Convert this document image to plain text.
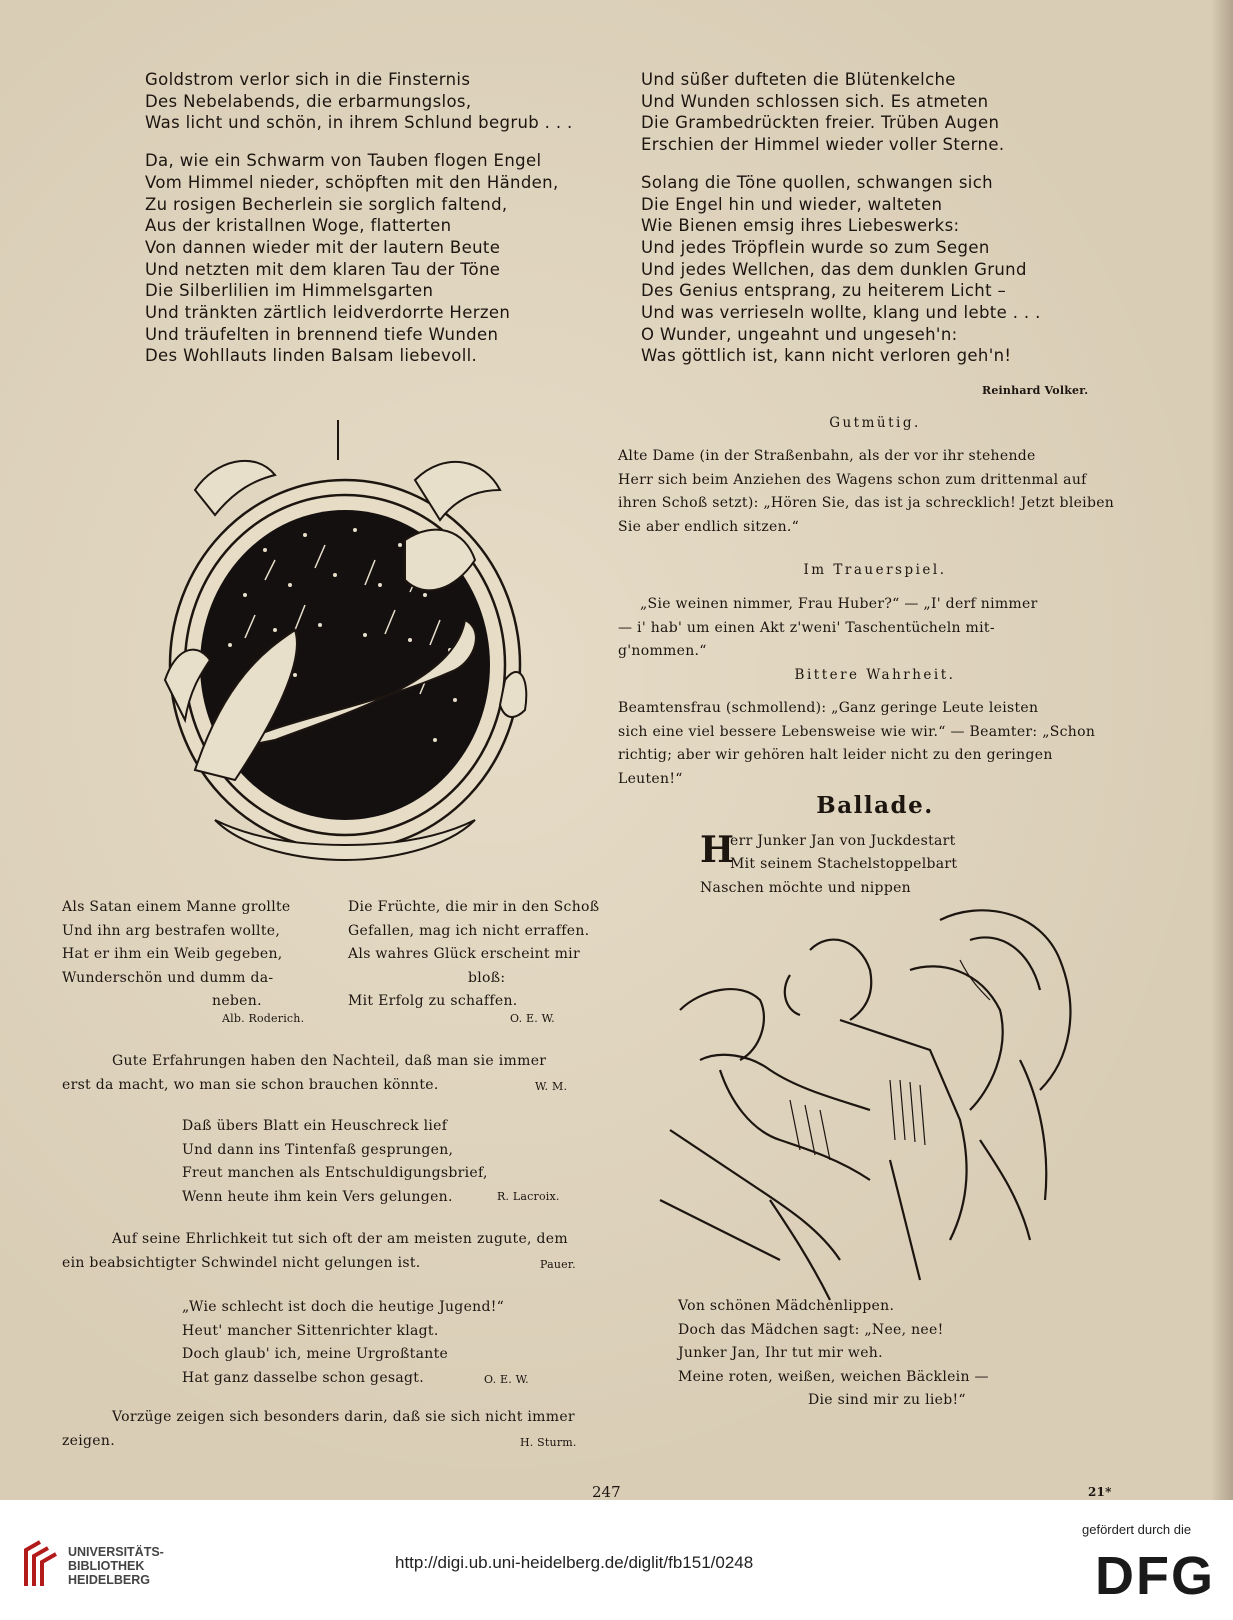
Goldstrom verlor sich in die Finsternis
Des Nebelabends, die erbarmungslos,
Was licht und schön, in ihrem Schlund begrub . . .
Da, wie ein Schwarm von Tauben flogen Engel
Vom Himmel nieder, schöpften mit den Händen,
Zu rosigen Becherlein sie sorglich faltend,
Aus der kristallnen Woge, flatterten
Von dannen wieder mit der lautern Beute
Und netzten mit dem klaren Tau der Töne
Die Silberlilien im Himmelsgarten
Und tränkten zärtlich leidverdorrte Herzen
Und träufelten in brennend tiefe Wunden
Des Wohllauts linden Balsam liebevoll.
Und süßer dufteten die Blütenkelche
Und Wunden schlossen sich. Es atmeten
Die Grambedrückten freier. Trüben Augen
Erschien der Himmel wieder voller Sterne.
Solang die Töne quollen, schwangen sich
Die Engel hin und wieder, walteten
Wie Bienen emsig ihres Liebeswerks:
Und jedes Tröpflein wurde so zum Segen
Und jedes Wellchen, das dem dunklen Grund
Des Genius entsprang, zu heiterem Licht –
Und was verrieseln wollte, klang und lebte . . .
O Wunder, ungeahnt und ungeseh'n:
Was göttlich ist, kann nicht verloren geh'n!
Reinhard Volker.
Gutmütig.
Alte Dame (in der Straßenbahn, als der vor ihr stehende
Herr sich beim Anziehen des Wagens schon zum drittenmal auf
ihren Schoß setzt): „Hören Sie, das ist ja schrecklich! Jetzt bleiben
Sie aber endlich sitzen.“
Im Trauerspiel.
„Sie weinen nimmer, Frau Huber?“ — „I' derf nimmer
— i' hab' um einen Akt z'weni' Taschentücheln mit-
g'nommen.“
Bittere Wahrheit.
Beamtensfrau (schmollend): „Ganz geringe Leute leisten
sich eine viel bessere Lebensweise wie wir.“ — Beamter: „Schon
richtig; aber wir gehören halt leider nicht zu den geringen
Leuten!“
Ballade.
Herr Junker Jan von Juckdestart
Mit seinem Stachelstoppelbart
Naschen möchte und nippen
Von schönen Mädchenlippen.
Doch das Mädchen sagt: „Nee, nee!
Junker Jan, Ihr tut mir weh.
Meine roten, weißen, weichen Bäcklein —
Die sind mir zu lieb!“
Als Satan einem Manne grollte
Und ihn arg bestrafen wollte,
Hat er ihm ein Weib gegeben,
Wunderschön und dumm da-
neben.
Alb. Roderich.
Die Früchte, die mir in den Schoß
Gefallen, mag ich nicht erraffen.
Als wahres Glück erscheint mir
bloß:
Mit Erfolg zu schaffen.
O. E. W.
Gute Erfahrungen haben den Nachteil, daß man sie immer
erst da macht, wo man sie schon brauchen könnte.	W. M.
Daß übers Blatt ein Heuschreck lief
Und dann ins Tintenfaß gesprungen,
Freut manchen als Entschuldigungsbrief,
Wenn heute ihm kein Vers gelungen.	R. Lacroix.
Auf seine Ehrlichkeit tut sich oft der am meisten zugute, dem
ein beabsichtigter Schwindel nicht gelungen ist.	Pauer.
„Wie schlecht ist doch die heutige Jugend!“
Heut' mancher Sittenrichter klagt.
Doch glaub' ich, meine Urgroßtante
Hat ganz dasselbe schon gesagt.	O. E. W.
Vorzüge zeigen sich besonders darin, daß sie sich nicht immer
zeigen.	H. Sturm.
247	21*
UNIVERSITÄTS-
BIBLIOTHEK
HEIDELBERG
http://digi.ub.uni-heidelberg.de/diglit/fb151/0248
gefördert durch die
DFG
